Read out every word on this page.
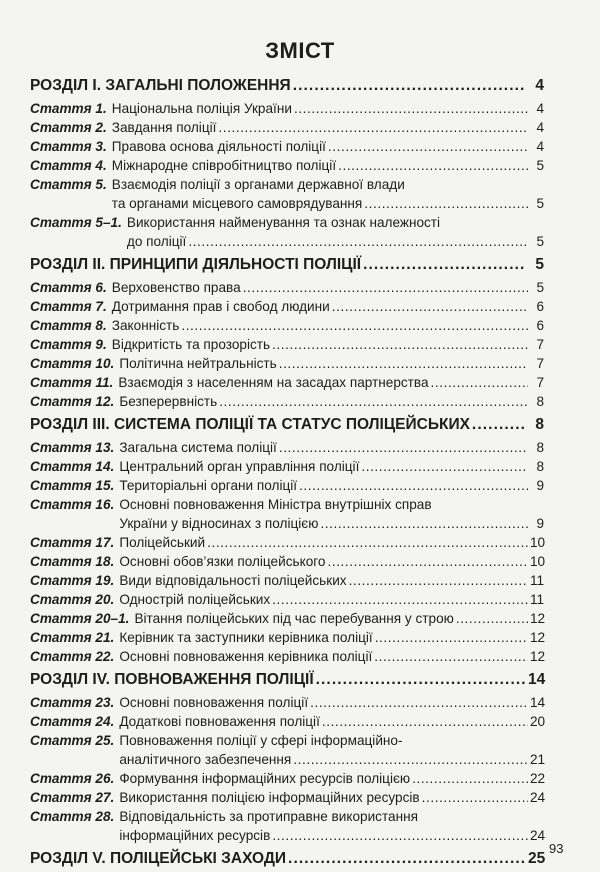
ЗМІСТ
РОЗДІЛ І. ЗАГАЛЬНІ ПОЛОЖЕННЯ . . .	4
Стаття 1. Національна поліція України . . .	4
Стаття 2. Завдання поліції . . .	4
Стаття 3. Правова основа діяльності поліції . . .	4
Стаття 4. Міжнародне співробітництво поліції . . .	5
Стаття 5. Взаємодія поліції з органами державної влади
та органами місцевого самоврядування . . .	5
Стаття 5–1. Використання найменування та ознак належності
до поліції . . .	5
РОЗДІЛ ІІ. ПРИНЦИПИ ДІЯЛЬНОСТІ ПОЛІЦІЇ . . .	5
Стаття 6. Верховенство права . . .	5
Стаття 7. Дотримання прав і свобод людини . . .	6
Стаття 8. Законність . . .	6
Стаття 9. Відкритість та прозорість . . .	7
Стаття 10. Політична нейтральність . . .	7
Стаття 11. Взаємодія з населенням на засадах партнерства . . .	7
Стаття 12. Безперервність . . .	8
РОЗДІЛ ІІІ. СИСТЕМА ПОЛІЦІЇ ТА СТАТУС ПОЛІЦЕЙСЬКИХ . . .	8
Стаття 13. Загальна система поліції . . .	8
Стаття 14. Центральний орган управління поліції . . .	8
Стаття 15. Територіальні органи поліції . . .	9
Стаття 16. Основні повноваження Міністра внутрішніх справ
України у відносинах з поліцією . . .	9
Стаття 17. Поліцейський . . .	10
Стаття 18. Основні обов’язки поліцейського . . .	10
Стаття 19. Види відповідальності поліцейських . . .	11
Стаття 20. Однострій поліцейських . . .	11
Стаття 20–1. Вітання поліцейських під час перебування у строю . . .	12
Стаття 21. Керівник та заступники керівника поліції . . .	12
Стаття 22. Основні повноваження керівника поліції . . .	12
РОЗДІЛ IV. ПОВНОВАЖЕННЯ ПОЛІЦІЇ . . .	14
Стаття 23. Основні повноваження поліції . . .	14
Стаття 24. Додаткові повноваження поліції . . .	20
Стаття 25. Повноваження поліції у сфері інформаційно-
аналітичного забезпечення . . .	21
Стаття 26. Формування інформаційних ресурсів поліцією . . .	22
Стаття 27. Використання поліцією інформаційних ресурсів . . .	24
Стаття 28. Відповідальність за протиправне використання
інформаційних ресурсів . . .	24
РОЗДІЛ V. ПОЛІЦЕЙСЬКІ ЗАХОДИ . . .	25
93
